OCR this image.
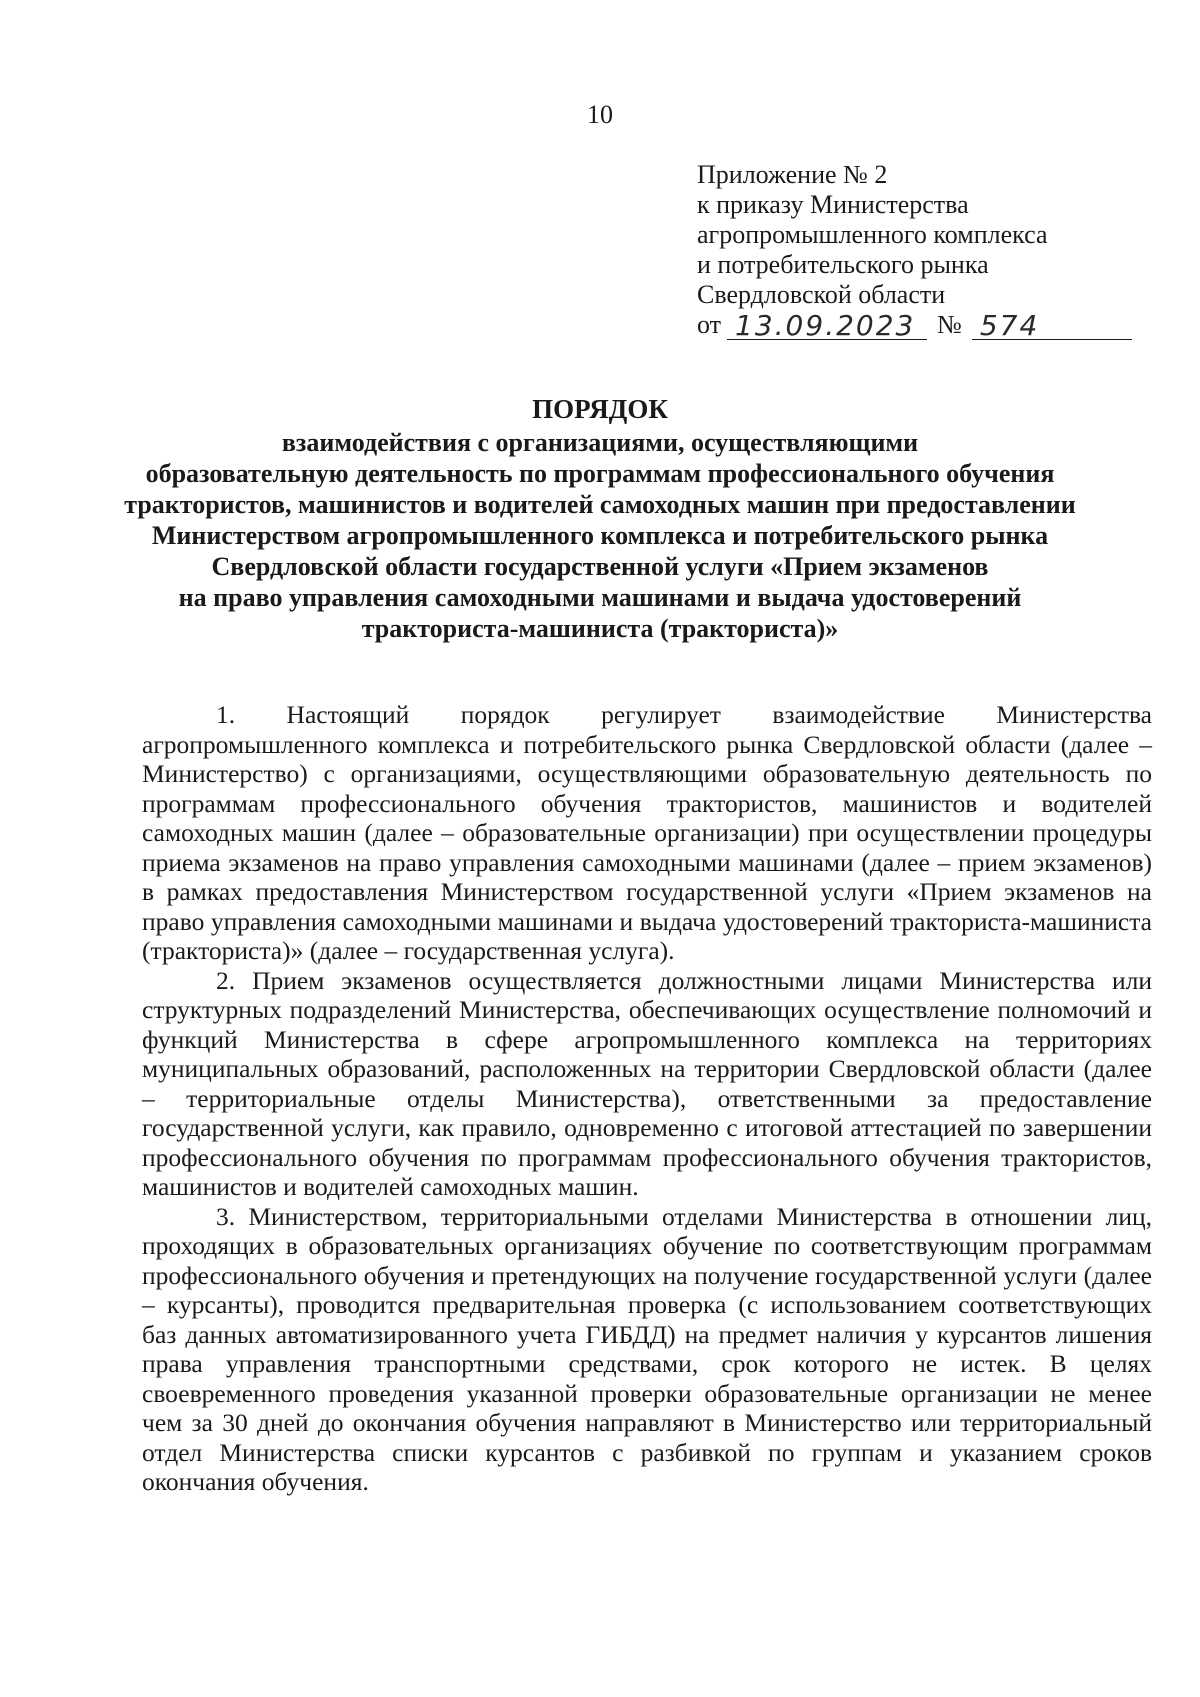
10
Приложение № 2
к приказу Министерства
агропромышленного комплекса
и потребительского рынка
Свердловской области
от 13.09.2023 № 574
ПОРЯДОК
взаимодействия с организациями, осуществляющими
образовательную деятельность по программам профессионального обучения
трактористов, машинистов и водителей самоходных машин при предоставлении
Министерством агропромышленного комплекса и потребительского рынка
Свердловской области государственной услуги «Прием экзаменов
на право управления самоходными машинами и выдача удостоверений
тракториста-машиниста (тракториста)»

1. Настоящий порядок регулирует взаимодействие Министерства агропромышленного комплекса и потребительского рынка Свердловской области (далее – Министерство) с организациями, осуществляющими образовательную деятельность по программам профессионального обучения трактористов, машинистов и водителей самоходных машин (далее – образовательные организации) при осуществлении процедуры приема экзаменов на право управления самоходными машинами (далее – прием экзаменов) в рамках предоставления Министерством государственной услуги «Прием экзаменов на право управления самоходными машинами и выдача удостоверений тракториста-машиниста (тракториста)» (далее – государственная услуга).

2. Прием экзаменов осуществляется должностными лицами Министерства или структурных подразделений Министерства, обеспечивающих осуществление полномочий и функций Министерства в сфере агропромышленного комплекса на территориях муниципальных образований, расположенных на территории Свердловской области (далее – территориальные отделы Министерства), ответственными за предоставление государственной услуги, как правило, одновременно с итоговой аттестацией по завершении профессионального обучения по программам профессионального обучения трактористов, машинистов и водителей самоходных машин.

3. Министерством, территориальными отделами Министерства в отношении лиц, проходящих в образовательных организациях обучение по соответствующим программам профессионального обучения и претендующих на получение государственной услуги (далее – курсанты), проводится предварительная проверка (с использованием соответствующих баз данных автоматизированного учета ГИБДД) на предмет наличия у курсантов лишения права управления транспортными средствами, срок которого не истек. В целях своевременного проведения указанной проверки образовательные организации не менее чем за 30 дней до окончания обучения направляют в Министерство или территориальный отдел Министерства списки курсантов с разбивкой по группам и указанием сроков окончания обучения.
